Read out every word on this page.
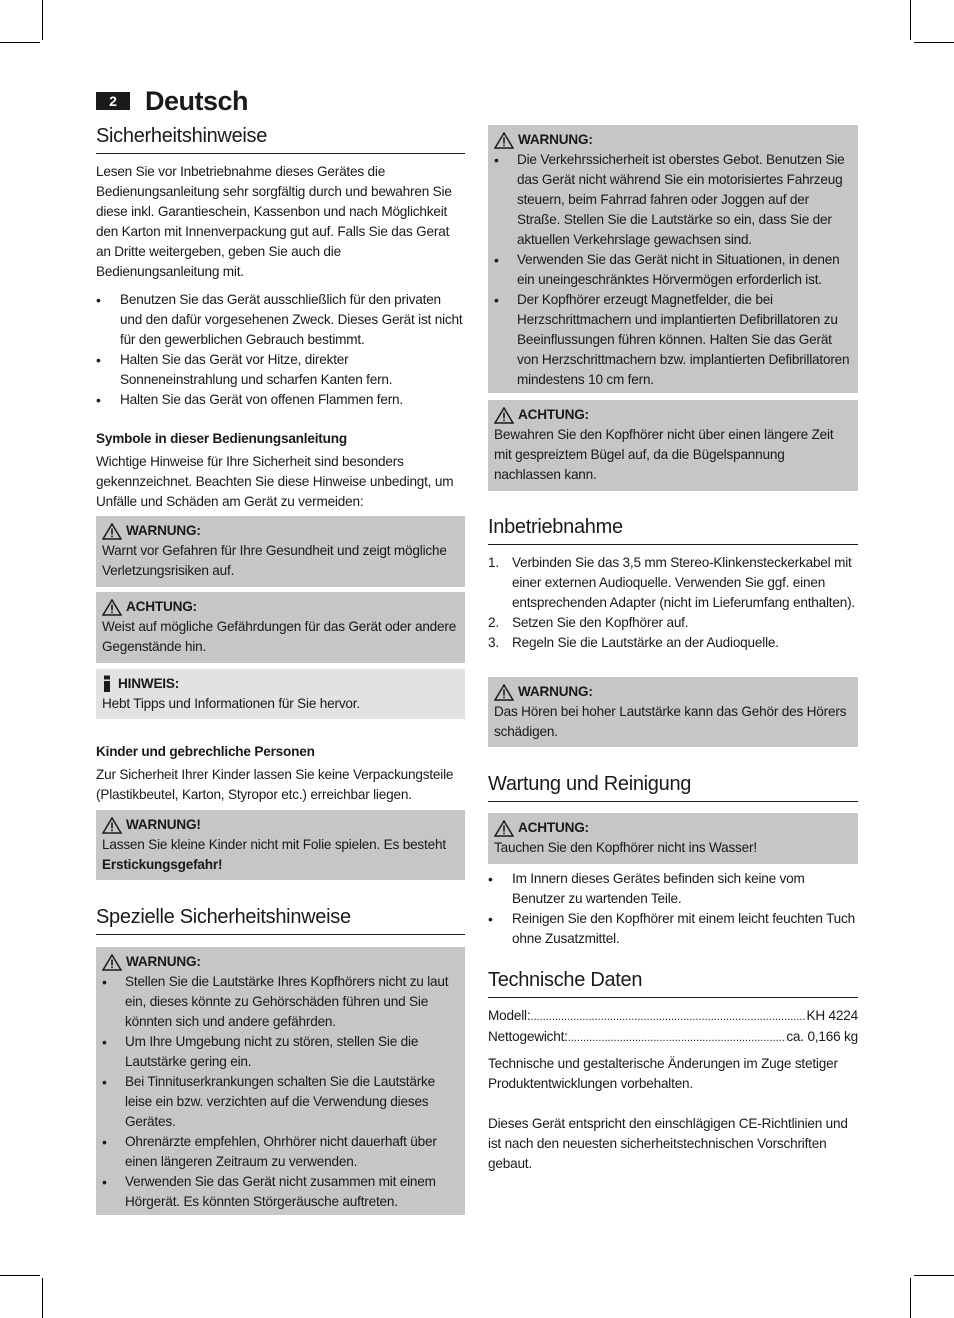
2	Deutsch
Sicherheitshinweise

Lesen Sie vor Inbetriebnahme dieses Gerätes die Bedienungsanleitung sehr sorgfältig durch und bewahren Sie diese inkl. Garantieschein, Kassenbon und nach Möglichkeit den Karton mit Innenverpackung gut auf. Falls Sie das Gerat an Dritte weitergeben, geben Sie auch die Bedienungsanleitung mit.

• Benutzen Sie das Gerät ausschließlich für den privaten und den dafür vorgesehenen Zweck. Dieses Gerät ist nicht für den gewerblichen Gebrauch bestimmt.
• Halten Sie das Gerät vor Hitze, direkter Sonneneinstrahlung und scharfen Kanten fern.
• Halten Sie das Gerät von offenen Flammen fern.

Symbole in dieser Bedienungsanleitung

Wichtige Hinweise für Ihre Sicherheit sind besonders gekennzeichnet. Beachten Sie diese Hinweise unbedingt, um Unfälle und Schäden am Gerät zu vermeiden:

WARNUNG:
Warnt vor Gefahren für Ihre Gesundheit und zeigt mögliche Verletzungsrisiken auf.
ACHTUNG:
Weist auf mögliche Gefährdungen für das Gerät oder andere Gegenstände hin.
HINWEIS:
Hebt Tipps und Informationen für Sie hervor.

Kinder und gebrechliche Personen

Zur Sicherheit Ihrer Kinder lassen Sie keine Verpackungsteile (Plastikbeutel, Karton, Styropor etc.) erreichbar liegen.

WARNUNG!
Lassen Sie kleine Kinder nicht mit Folie spielen. Es besteht Erstickungsgefahr!
Spezielle Sicherheitshinweise
WARNUNG:
• Stellen Sie die Lautstärke Ihres Kopfhörers nicht zu laut ein, dieses könnte zu Gehörschäden führen und Sie könnten sich und andere gefährden.
• Um Ihre Umgebung nicht zu stören, stellen Sie die Lautstärke gering ein.
• Bei Tinnituserkrankungen schalten Sie die Lautstärke leise ein bzw. verzichten auf die Verwendung dieses Gerätes.
• Ohrenärzte empfehlen, Ohrhörer nicht dauerhaft über einen längeren Zeitraum zu verwenden.
• Verwenden Sie das Gerät nicht zusammen mit einem Hörgerät. Es könnten Störgeräusche auftreten.
WARNUNG:
• Die Verkehrssicherheit ist oberstes Gebot. Benutzen Sie das Gerät nicht während Sie ein motorisiertes Fahrzeug steuern, beim Fahrrad fahren oder Joggen auf der Straße. Stellen Sie die Lautstärke so ein, dass Sie der aktuellen Verkehrslage gewachsen sind.
• Verwenden Sie das Gerät nicht in Situationen, in denen ein uneingeschränktes Hörvermögen erforderlich ist.
• Der Kopfhörer erzeugt Magnetfelder, die bei Herzschrittmachern und implantierten Defibrillatoren zu Beeinflussungen führen können. Halten Sie das Gerät von Herzschrittmachern bzw. implantierten Defibrillatoren mindestens 10 cm fern.
ACHTUNG:
Bewahren Sie den Kopfhörer nicht über einen längere Zeit mit gespreiztem Bügel auf, da die Bügelspannung nachlassen kann.
Inbetriebnahme
1. Verbinden Sie das 3,5 mm Stereo-Klinkensteckerkabel mit einer externen Audioquelle. Verwenden Sie ggf. einen entsprechenden Adapter (nicht im Lieferumfang enthalten).
2. Setzen Sie den Kopfhörer auf.
3. Regeln Sie die Lautstärke an der Audioquelle.
WARNUNG:
Das Hören bei hoher Lautstärke kann das Gehör des Hörers schädigen.
Wartung und Reinigung
ACHTUNG:
Tauchen Sie den Kopfhörer nicht ins Wasser!
• Im Innern dieses Gerätes befinden sich keine vom Benutzer zu wartenden Teile.
• Reinigen Sie den Kopfhörer mit einem leicht feuchten Tuch ohne Zusatzmittel.
Technische Daten
Modell: .....	KH 4224
Nettogewicht: .....	ca. 0,166 kg

Technische und gestalterische Änderungen im Zuge stetiger Produktentwicklungen vorbehalten.

Dieses Gerät entspricht den einschlägigen CE-Richtlinien und ist nach den neuesten sicherheitstechnischen Vorschriften gebaut.
